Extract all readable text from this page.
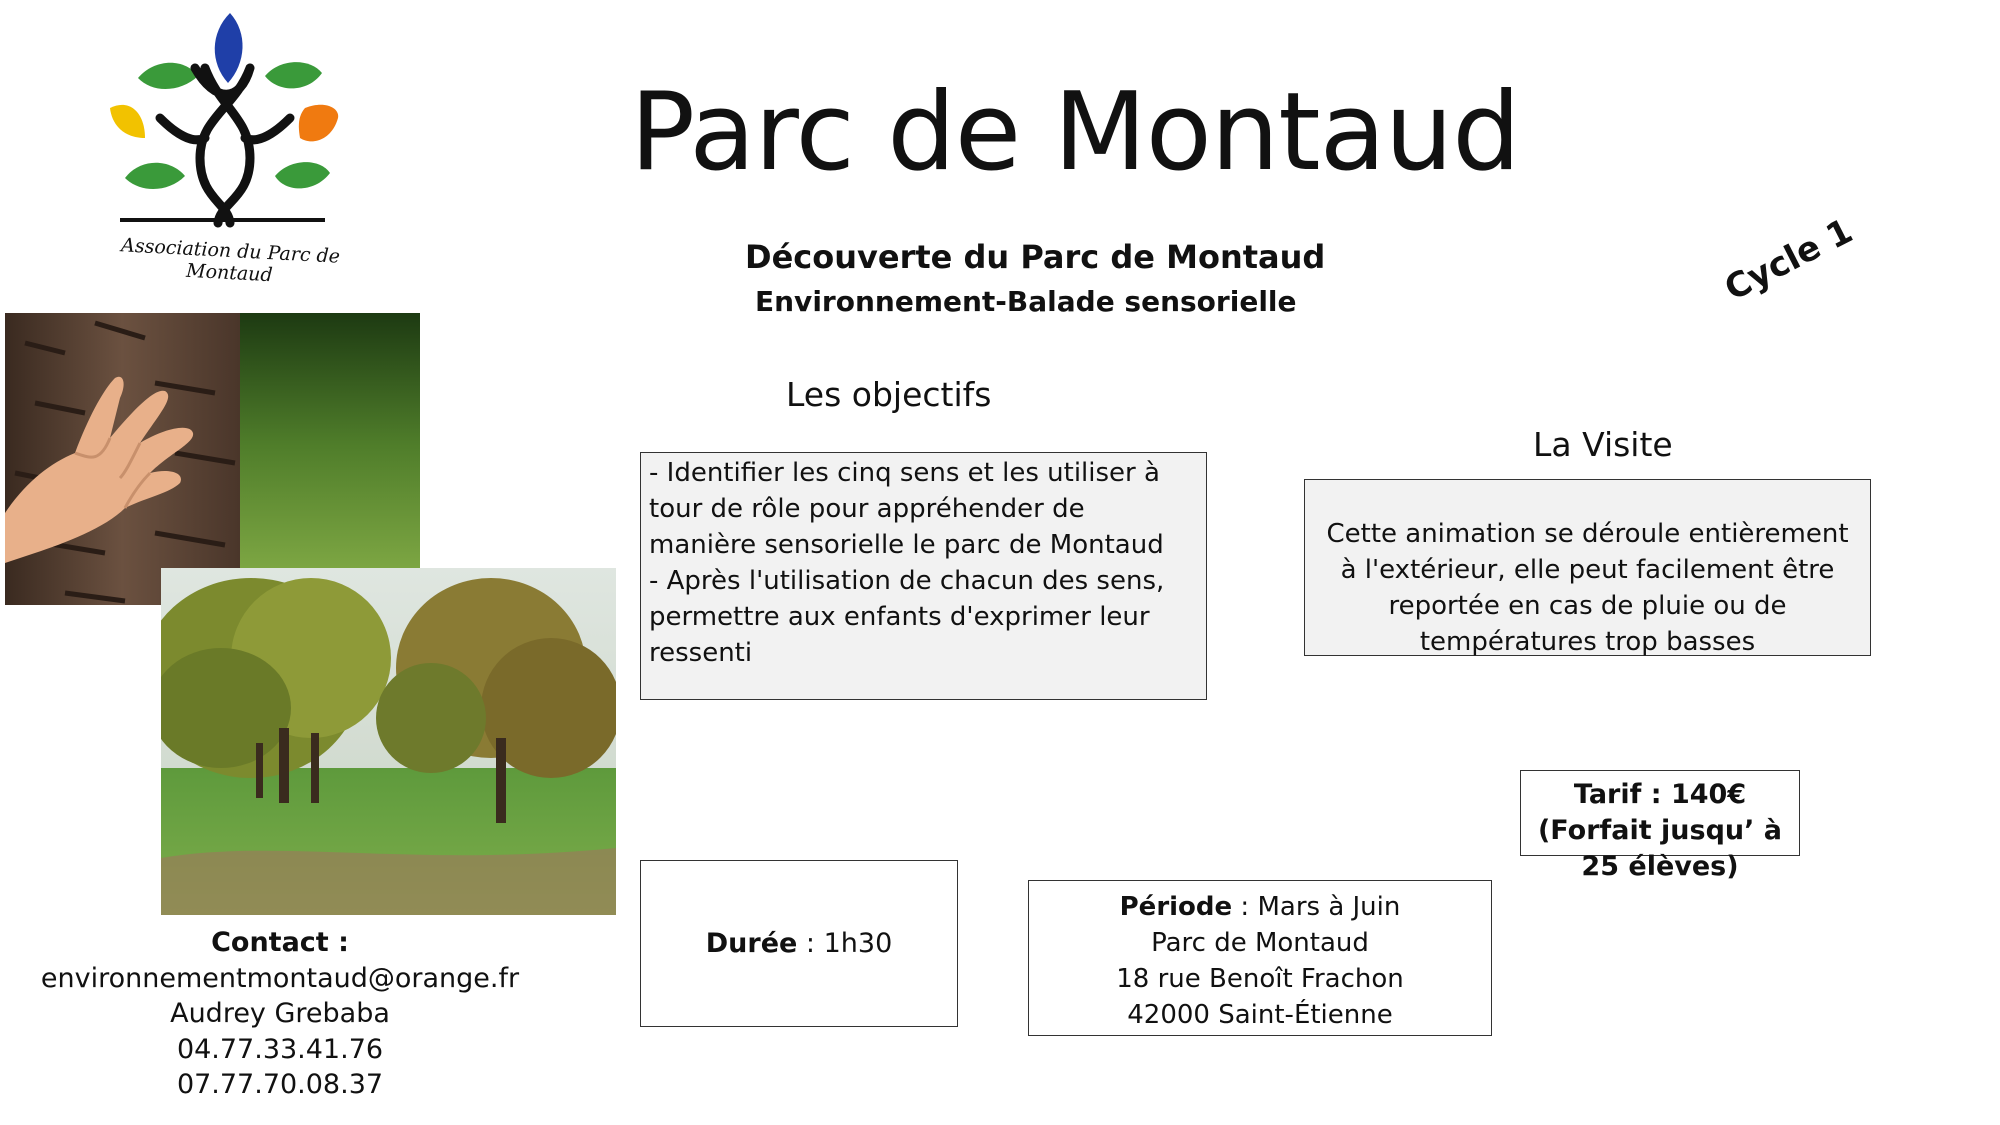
Association du Parc de Montaud
Parc de Montaud
Découverte du Parc de Montaud
Environnement-Balade sensorielle	Cycle 1
Les objectifs
- Identifier les cinq sens et les utiliser à tour de rôle pour appréhender de manière sensorielle le parc de Montaud
- Après l'utilisation de chacun des sens, permettre aux enfants d'exprimer leur ressenti
La Visite
Cette animation se déroule entièrement à l'extérieur, elle peut facilement être reportée en cas de pluie ou de températures trop basses
Tarif : 140€ (Forfait jusqu’ à 25 élèves)
Durée : 1h30
Période : Mars à Juin
Parc de Montaud
18 rue Benoît Frachon
42000 Saint-Étienne
Contact :
environnementmontaud@orange.fr
Audrey Grebaba
04.77.33.41.76
07.77.70.08.37
